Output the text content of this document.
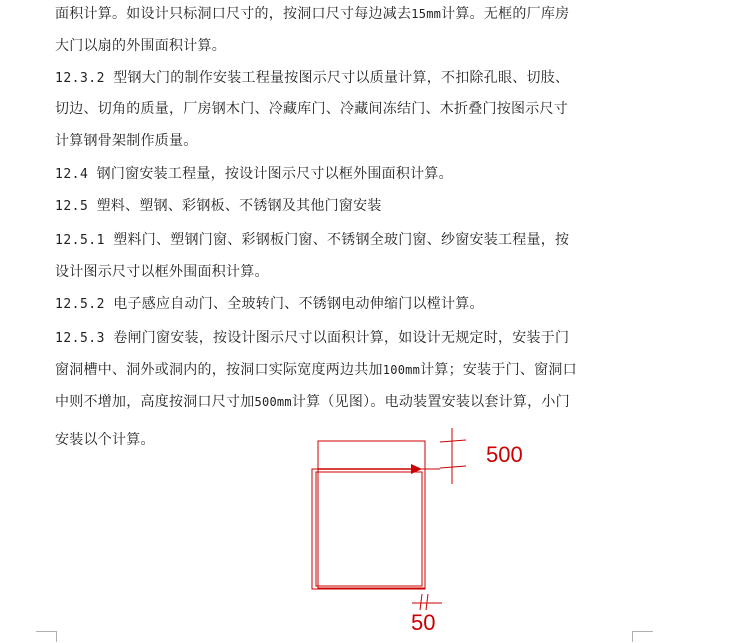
面积计算。如设计只标洞口尺寸的，按洞口尺寸每边减去15mm计算。无框的厂库房
大门以扇的外围面积计算。
12.3.2 型钢大门的制作安装工程量按图示尺寸以质量计算，不扣除孔眼、切肢、
切边、切角的质量，厂房钢木门、冷藏库门、冷藏间冻结门、木折叠门按图示尺寸
计算钢骨架制作质量。
12.4 钢门窗安装工程量，按设计图示尺寸以框外围面积计算。
12.5 塑料、塑钢、彩钢板、不锈钢及其他门窗安装
12.5.1 塑料门、塑钢门窗、彩钢板门窗、不锈钢全玻门窗、纱窗安装工程量，按
设计图示尺寸以框外围面积计算。
12.5.2 电子感应自动门、全玻转门、不锈钢电动伸缩门以樘计算。
12.5.3 卷闸门窗安装，按设计图示尺寸以面积计算，如设计无规定时，安装于门
窗洞槽中、洞外或洞内的，按洞口实际宽度两边共加100mm计算；安装于门、窗洞口
中则不增加，高度按洞口尺寸加500mm计算（见图）。电动装置安装以套计算，小门
安装以个计算。
500
50
